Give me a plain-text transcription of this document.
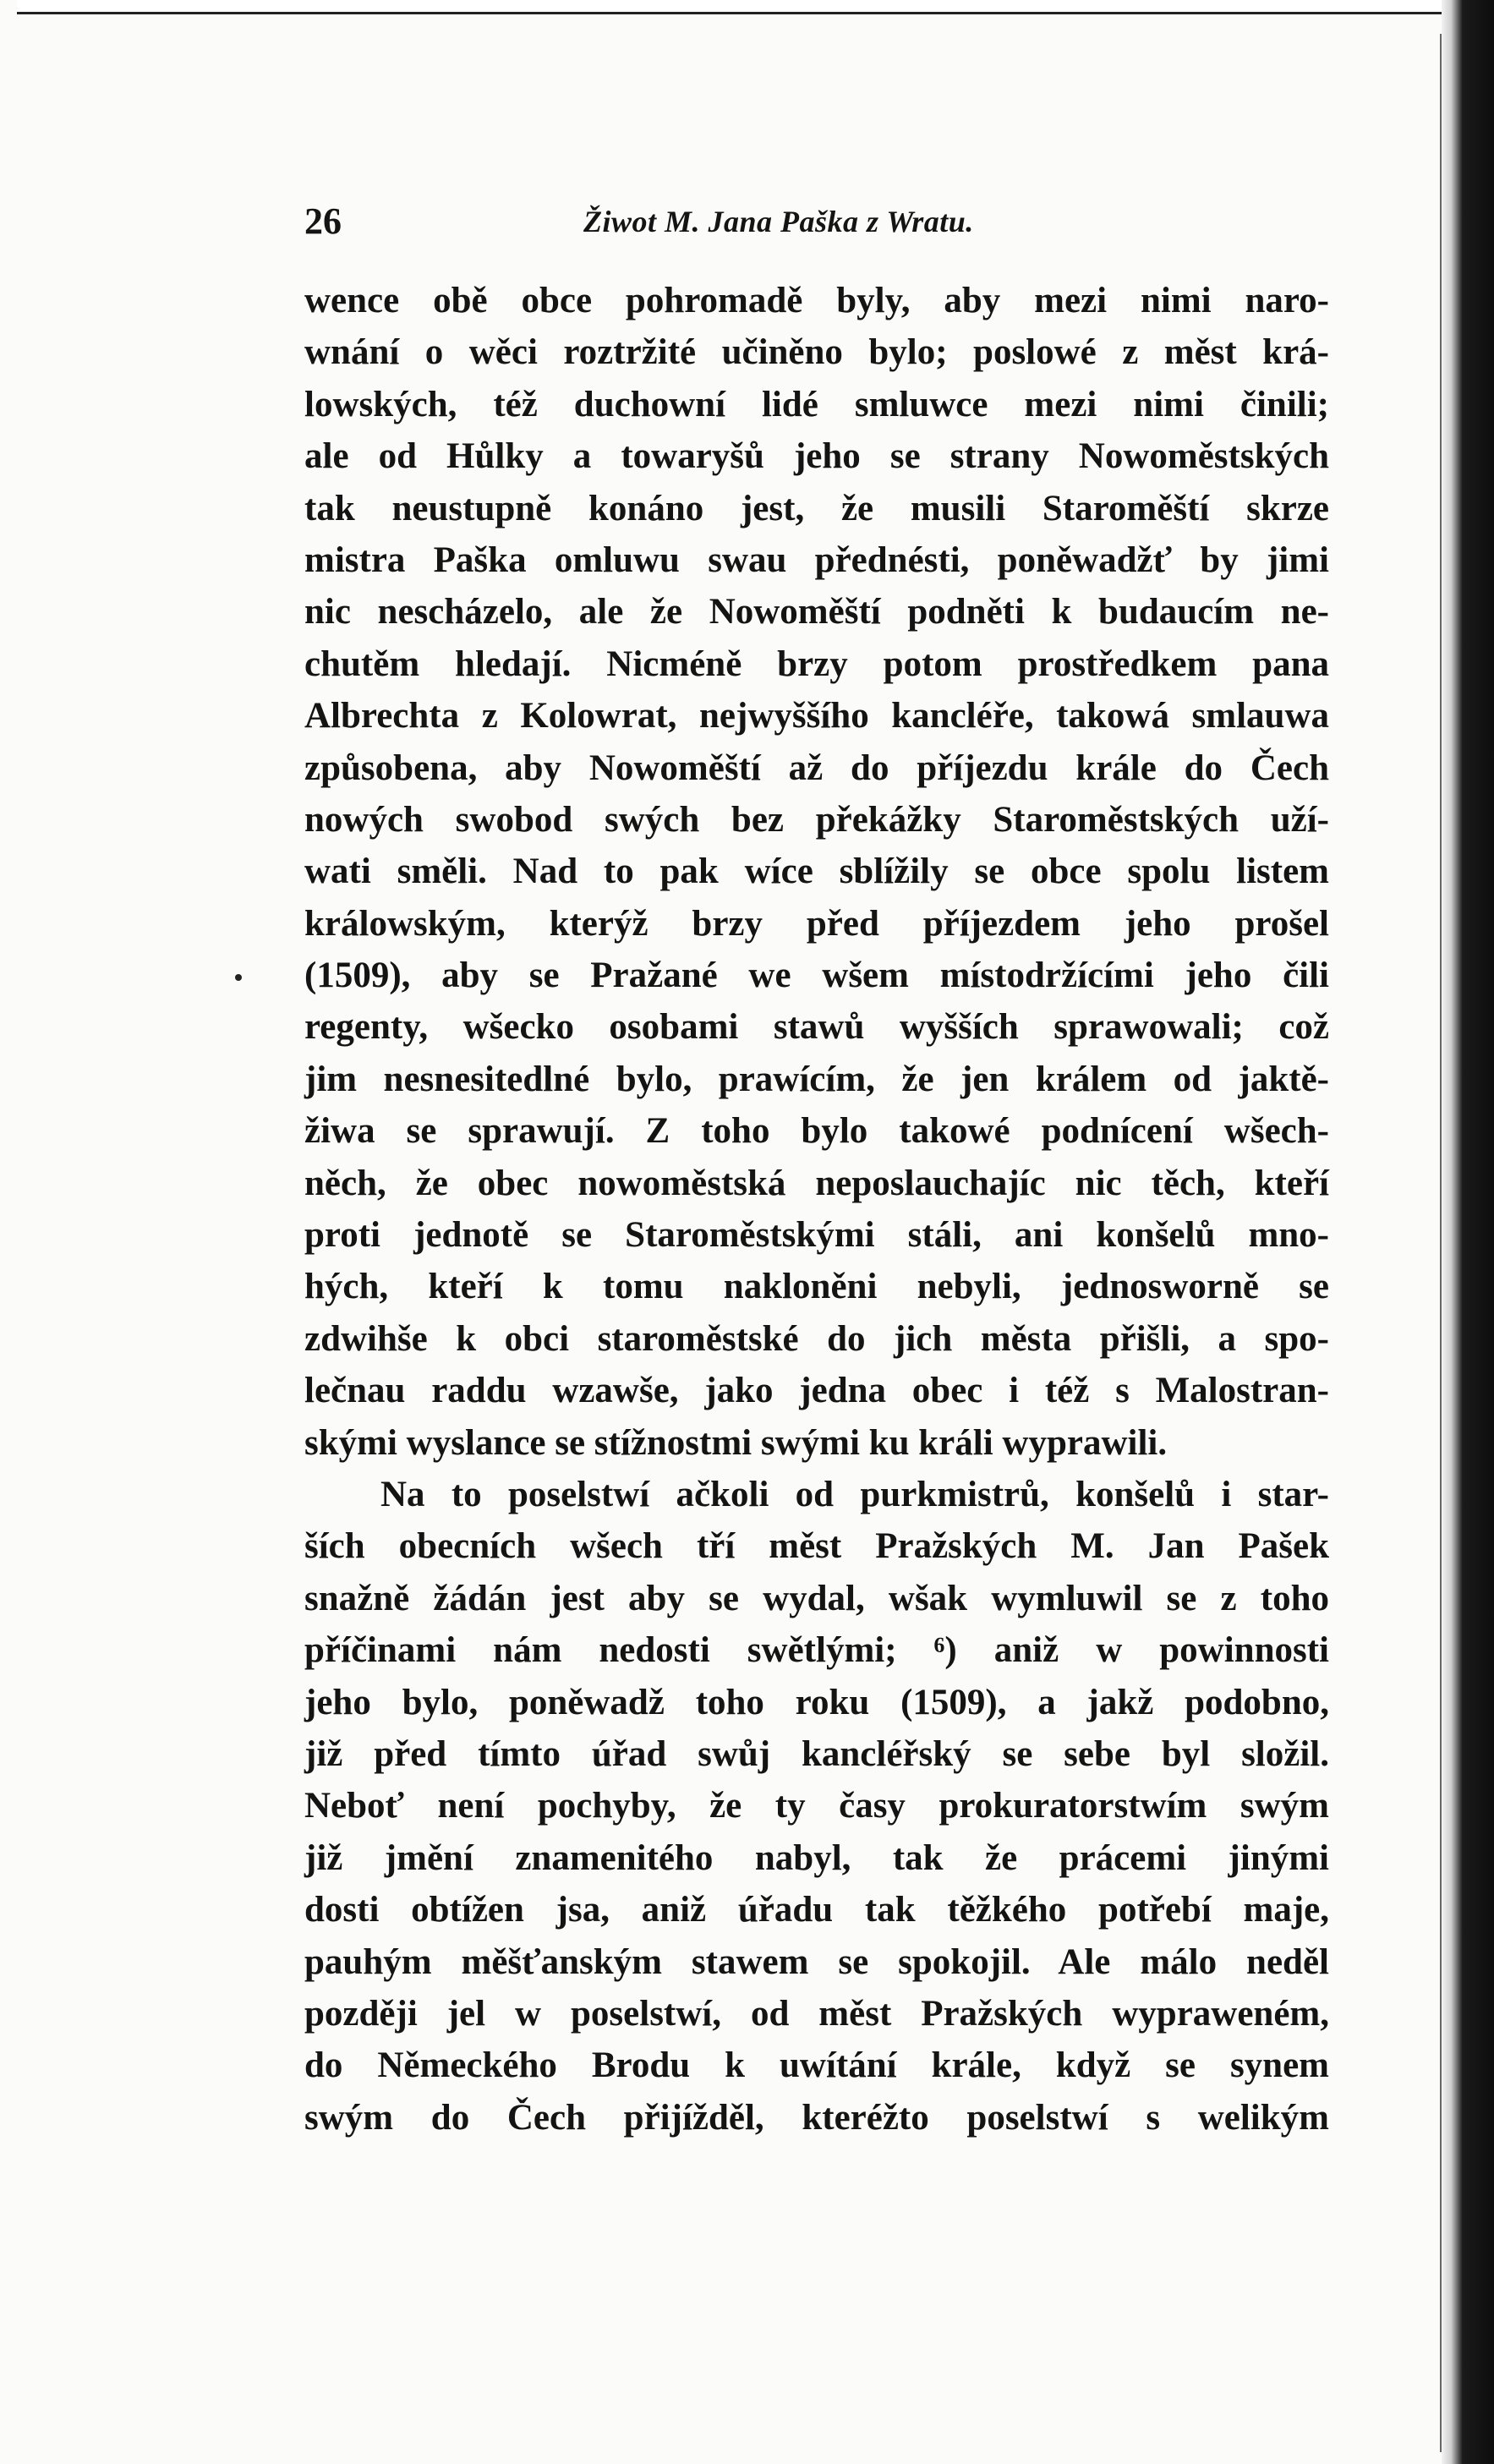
26	Žiwot M. Jana Paška z Wratu.
wence obě obce pohromadě byly, aby mezi nimi naro-
wnání o wěci roztržité učiněno bylo; poslowé z měst krá-
lowských, též duchowní lidé smluwce mezi nimi činili;
ale od Hůlky a towaryšů jeho se strany Nowoměstských
tak neustupně konáno jest, že musili Staroměští skrze
mistra Paška omluwu swau přednésti, poněwadžť by jimi
nic nescházelo, ale že Nowoměští podněti k budaucím ne-
chutěm hledají. Nicméně brzy potom prostředkem pana
Albrechta z Kolowrat, nejwyššího kancléře, takowá smlauwa
způsobena, aby Nowoměští až do příjezdu krále do Čech
nowých swobod swých bez překážky Staroměstských uží-
wati směli. Nad to pak wíce sblížily se obce spolu listem
králowským, kterýž brzy před příjezdem jeho prošel
(1509), aby se Pražané we wšem místodržícími jeho čili
regenty, wšecko osobami stawů wyšších sprawowali; což
jim nesnesitedlné bylo, prawícím, že jen králem od jaktě-
žiwa se sprawují. Z toho bylo takowé podnícení wšech-
něch, že obec nowoměstská neposlauchajíc nic těch, kteří
proti jednotě se Staroměstskými stáli, ani konšelů mno-
hých, kteří k tomu nakloněni nebyli, jednosworně se
zdwihše k obci staroměstské do jich města přišli, a spo-
lečnau raddu wzawše, jako jedna obec i též s Malostran-
skými wyslance se stížnostmi swými ku králi wyprawili.
Na to poselstwí ačkoli od purkmistrů, konšelů i star-
ších obecních wšech tří měst Pražských M. Jan Pašek
snažně žádán jest aby se wydal, wšak wymluwil se z toho
příčinami nám nedosti swětlými; ⁶) aniž w powinnosti
jeho bylo, poněwadž toho roku (1509), a jakž podobno,
již před tímto úřad swůj kancléřský se sebe byl složil.
Neboť není pochyby, že ty časy prokuratorstwím swým
již jmění znamenitého nabyl, tak že prácemi jinými
dosti obtížen jsa, aniž úřadu tak těžkého potřebí maje,
pauhým měšťanským stawem se spokojil. Ale málo neděl
později jel w poselstwí, od měst Pražských wypraweném,
do Německého Brodu k uwítání krále, když se synem
swým do Čech přijížděl, kteréžto poselstwí s welikým
